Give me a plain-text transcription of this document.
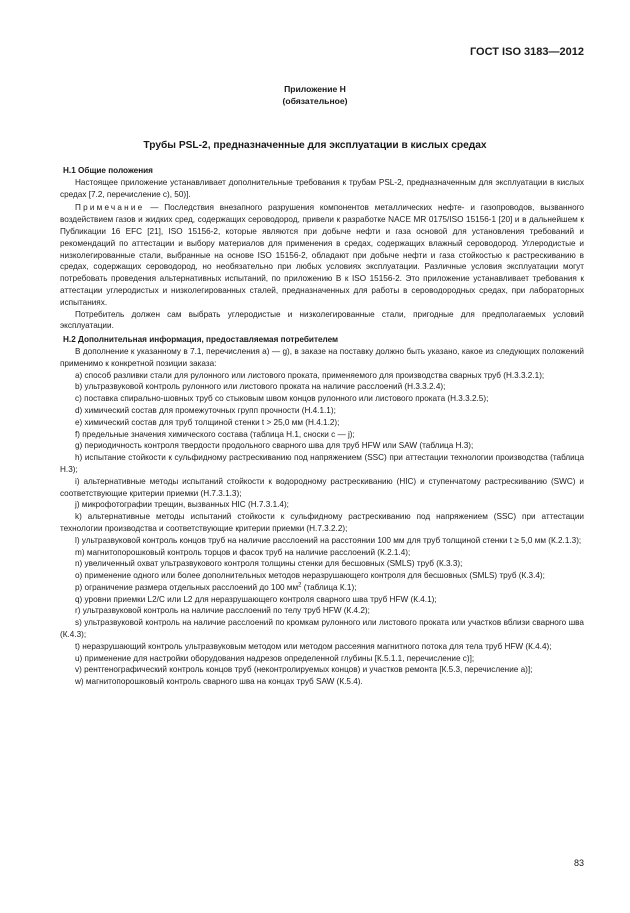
ГОСТ ISO 3183—2012
Приложение Н
(обязательное)
Трубы PSL-2, предназначенные для эксплуатации в кислых средах

Н.1 Общие положения

Настоящее приложение устанавливает дополнительные требования к трубам PSL-2, предназначенным для эксплуатации в кислых средах [7.2, перечисление с), 50)].

Примечание — Последствия внезапного разрушения компонентов металлических нефте- и газопроводов, вызванного воздействием газов и жидких сред, содержащих сероводород, привели к разработке NACE MR 0175/ISO 15156-1 [20] и в дальнейшем к Публикации 16 EFC [21], ISO 15156-2, которые являются при добыче нефти и газа основой для установления требований и рекомендаций по аттестации и выбору материалов для применения в средах, содержащих влажный сероводород. Углеродистые и низколегированные стали, выбранные на основе ISO 15156-2, обладают при добыче нефти и газа стойкостью к растрескиванию в средах, содержащих сероводород, но необязательно при любых условиях эксплуатации. Различные условия эксплуатации могут потребовать проведения альтернативных испытаний, по приложению В к ISO 15156-2. Это приложение устанавливает требования к аттестации углеродистых и низколегированных сталей, предназначенных для работы в сероводородных средах, при лабораторных испытаниях.

Потребитель должен сам выбрать углеродистые и низколегированные стали, пригодные для предполагаемых условий эксплуатации.

Н.2 Дополнительная информация, предоставляемая потребителем

В дополнение к указанному в 7.1, перечисления а) — g), в заказе на поставку должно быть указано, какое из следующих положений применимо к конкретной позиции заказа:

а) способ разливки стали для рулонного или листового проката, применяемого для производства сварных труб (Н.3.3.2.1);

b) ультразвуковой контроль рулонного или листового проката на наличие расслоений (Н.3.3.2.4);

с) поставка спирально-шовных труб со стыковым швом концов рулонного или листового проката (Н.3.3.2.5);

d) химический состав для промежуточных групп прочности (Н.4.1.1);

е) химический состав для труб толщиной стенки t > 25,0 мм (Н.4.1.2);

f) предельные значения химического состава (таблица Н.1, сноски с — j);

g) периодичность контроля твердости продольного сварного шва для труб HFW или SAW (таблица Н.3);

h) испытание стойкости к сульфидному растрескиванию под напряжением (SSC) при аттестации технологии производства (таблица Н.3);

i) альтернативные методы испытаний стойкости к водородному растрескиванию (HIC) и ступенчатому растрескиванию (SWC) и соответствующие критерии приемки (Н.7.3.1.3);

j) микрофотографии трещин, вызванных HIC (Н.7.3.1.4);

k) альтернативные методы испытаний стойкости к сульфидному растрескиванию под напряжением (SSC) при аттестации технологии производства и соответствующие критерии приемки (Н.7.3.2.2);

l) ультразвуковой контроль концов труб на наличие расслоений на расстоянии 100 мм для труб толщиной стенки t ≥ 5,0 мм (К.2.1.3);

m) магнитопорошковый контроль торцов и фасок труб на наличие расслоений (К.2.1.4);

n) увеличенный охват ультразвукового контроля толщины стенки для бесшовных (SMLS) труб (К.3.3);

о) применение одного или более дополнительных методов неразрушающего контроля для бесшовных (SMLS) труб (К.3.4);

p) ограничение размера отдельных расслоений до 100 $мм^2$ (таблица К.1);

q) уровни приемки L2/C или L2 для неразрушающего контроля сварного шва труб HFW (К.4.1);

r) ультразвуковой контроль на наличие расслоений по телу труб HFW (К.4.2);

s) ультразвуковой контроль на наличие расслоений по кромкам рулонного или листового проката или участков вблизи сварного шва (К.4.3);

t) неразрушающий контроль ультразвуковым методом или методом рассеяния магнитного потока для тела труб HFW (К.4.4);

u) применение для настройки оборудования надрезов определенной глубины [К.5.1.1, перечисление с)];

v) рентгенографический контроль концов труб (неконтролируемых концов) и участков ремонта [К.5.3, перечисление а)];

w) магнитопорошковый контроль сварного шва на концах труб SAW (К.5.4).

83
